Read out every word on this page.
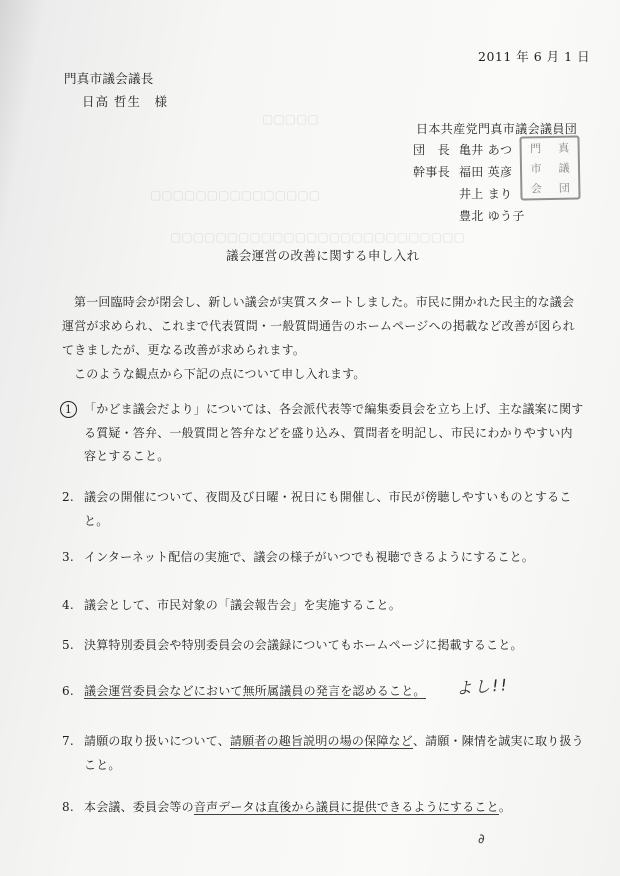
2011 年 6 月 1 日
門真市議会議長
日高 哲生　様
▢▢▢▢▢
▢▢▢▢▢▢▢▢▢▢▢▢▢▢▢
▢▢▢▢▢▢▢▢▢▢▢▢▢▢▢▢▢▢▢▢▢▢▢▢▢▢
日本共産党門真市議会議員団
団　長 亀井 あつ
幹事長 福田 英彦
井上 まり
豊北 ゆう子
門 真
市 議
会 団
議会運営の改善に関する申し入れ

第一回臨時会が閉会し、新しい議会が実質スタートしました。市民に開かれた民主的な議会運営が求められ、これまで代表質問・一般質問通告のホームページへの掲載など改善が図られてきましたが、更なる改善が求められます。

このような観点から下記の点について申し入れます。

1 「かどま議会だより」については、各会派代表等で編集委員会を立ち上げ、主な議案に関する質疑・答弁、一般質問と答弁などを盛り込み、質問者を明記し、市民にわかりやすい内容とすること。
2. 議会の開催について、夜間及び日曜・祝日にも開催し、市民が傍聴しやすいものとすること。
3. インターネット配信の実施で、議会の様子がいつでも視聴できるようにすること。
4. 議会として、市民対象の「議会報告会」を実施すること。
5. 決算特別委員会や特別委員会の会議録についてもホームページに掲載すること。
6. 議会運営委員会などにおいて無所属議員の発言を認めること。
7. 請願の取り扱いについて、請願者の趣旨説明の場の保障など、請願・陳情を誠実に取り扱うこと。
8. 本会議、委員会等の音声データは直後から議員に提供できるようにすること。
よし!!
∂
